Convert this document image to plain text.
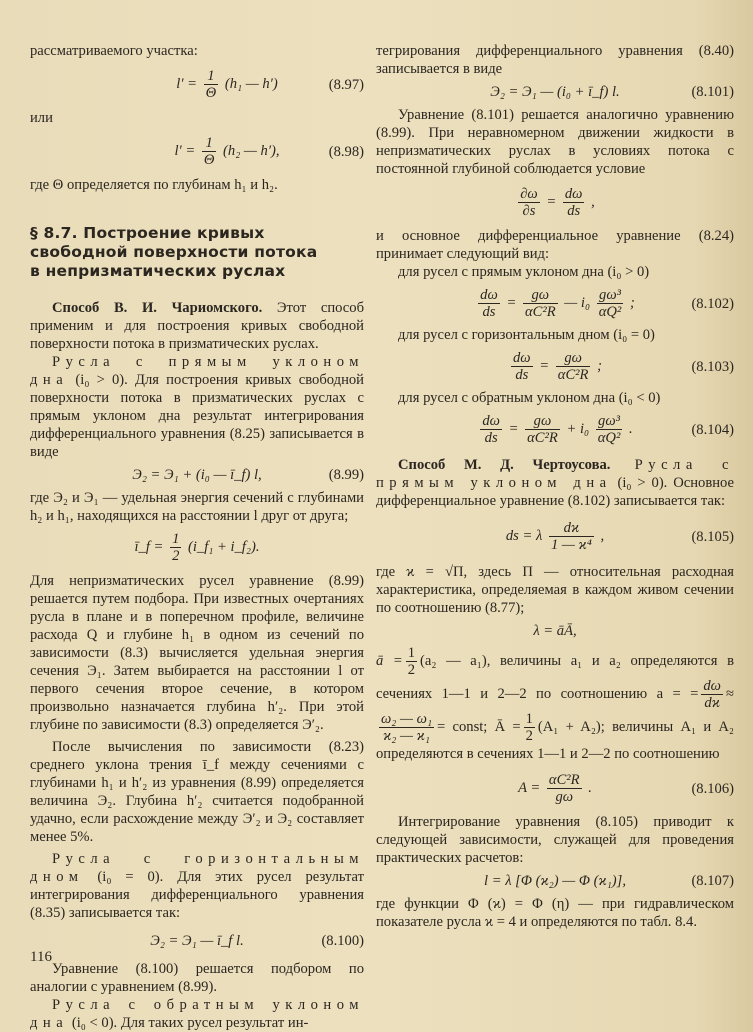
рассматриваемого участка:

$l' = \frac{1}{\Theta} (h_1$ — h′)	(8.97)

или

$l' = \frac{1}{\Theta} (h_2$ — h′),	(8.98)

где Θ определяется по глубинам h₁ и h₂.

§ 8.7. Построение кривых
свободной поверхности потока
в непризматических руслах

Способ В. И. Чариомского. Этот способ применим и для построения кривых свободной поверхности потока в призматических руслах.

Русла с прямым уклоном дна (i₀ > 0). Для построения кривых свободной поверхности потока в призматических руслах с прямым уклоном дна результат интегрирования дифференциального уравнения (8.25) записывается в виде

Э₂ = Э₁ + (i₀ — ī_f) l,	(8.99)

где Э₂ и Э₁ — удельная энергия сечений с глубинами h₂ и h₁, находящихся на расстоянии l друг от друга;

ī_f = $\frac{1}{2}$ (i_f₁ + i_f₂).

Для непризматических русел уравнение (8.99) решается путем подбора. При известных очертаниях русла в плане и в поперечном профиле, величине расхода Q и глубине h₁ в одном из сечений по зависимости (8.3) вычисляется удельная энергия сечения Э₁. Затем выбирается на расстоянии l от первого сечения второе сечение, в котором произвольно назначается глубина h′₂. При этой глубине по зависимости (8.3) определяется Э′₂.

После вычисления по зависимости (8.23) среднего уклона трения ī_f между сечениями с глубинами h₁ и h′₂ из уравнения (8.99) определяется величина Э₂. Глубина h′₂ считается подобранной удачно, если расхождение между Э′₂ и Э₂ составляет менее 5%.

Русла с горизонтальным дном (i₀ = 0). Для этих русел результат интегрирования дифференциального уравнения (8.35) записывается так:

Э₂ = Э₁ — ī_f l.	(8.100)

Уравнение (8.100) решается подбором по аналогии с уравнением (8.99).

Русла с обратным уклоном дна (i₀ < 0). Для таких русел результат ин-

тегрирования дифференциального уравнения (8.40) записывается в виде

Э₂ = Э₁ — (i₀ + ī_f) l.	(8.101)

Уравнение (8.101) решается аналогично уравнению (8.99). При неравномерном движении жидкости в непризматических руслах в условиях потока с постоянной глубиной соблюдается условие

$\frac{\partial\omega}{\partial s} = \frac{d\omega}{ds}$ ,

и основное дифференциальное уравнение (8.24) принимает следующий вид:

для русел с прямым уклоном дна (i₀ > 0)

$\frac{d\omega}{ds} = \frac{g\omega}{\text{αC²R}}$ — $i_0 \frac{\text{gω³}}{\text{αQ²}}$ ;	(8.102)

для русел с горизонтальным дном (i₀ = 0)

$\frac{d\omega}{ds} = \frac{g\omega}{\text{αC²R}}$ ;	(8.103)

для русел с обратным уклоном дна (i₀ < 0)

$\frac{d\omega}{ds} = \frac{g\omega}{\text{αC²R}} + i_0 \frac{\text{gω³}}{\text{αQ²}}$ .	(8.104)

Способ М. Д. Чертоусова. Русла с прямым уклоном дна (i₀ > 0). Основное дифференциальное уравнение (8.102) записывается так:

ds = λ $\frac{dϰ}{\text{1 — ϰ⁴}}$ ,	(8.105)

где ϰ = √Π, здесь Π — относительная расходная характеристика, определяемая в каждом живом сечении по соотношению (8.77);

λ = āĀ,

ā = $\frac{1}{2} (a_2$ — a₁), величины a₁ и a₂ определяются в сечениях 1—1 и 2—2 по соотношению a = = $\frac{d\omega}{dϰ}$ ≈
$\frac{\text{ω₂ — ω₁}}{\text{ϰ₂ — ϰ₁}}$ = const; Ā = $\frac{1}{2} (A_1 + A_2)$; величины A₁ и A₂ определяются в сечениях 1—1 и 2—2 по соотношению

$A = \frac{\text{αC²R}}{g\omega}$ .	(8.106)

Интегрирование уравнения (8.105) приводит к следующей зависимости, служащей для проведения практических расчетов:

l = λ [Φ (ϰ₂) — Φ (ϰ₁)],	(8.107)

где функции Φ (ϰ) = Φ (η) — при гидравлическом показателе русла ϰ = 4 и определяются по табл. 8.4.

116
